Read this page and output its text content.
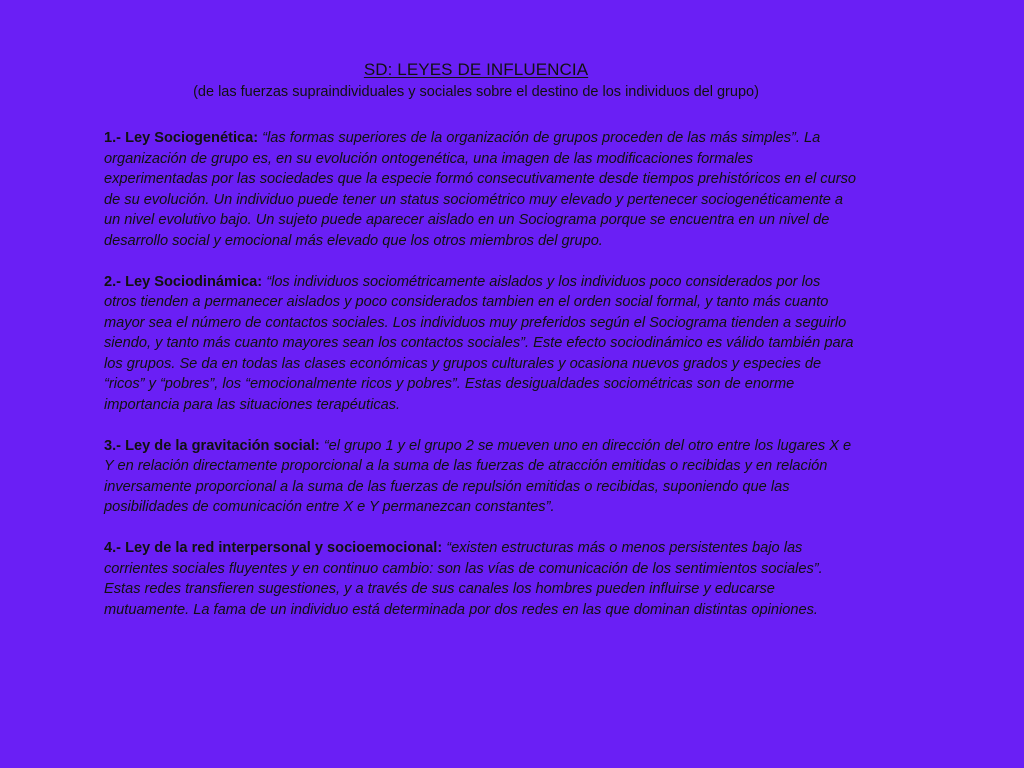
SD: LEYES DE INFLUENCIA

(de las fuerzas supraindividuales y sociales sobre el destino de los individuos del grupo)

1.- Ley Sociogenética: “las formas superiores de la organización de grupos proceden de las más simples”. La organización de grupo es, en su evolución ontogenética, una imagen de las modificaciones formales experimentadas por las sociedades que la especie formó consecutivamente desde tiempos prehistóricos en el curso de su evolución. Un individuo puede tener un status sociométrico muy elevado y pertenecer sociogenéticamente a un nivel evolutivo bajo. Un sujeto puede aparecer aislado en un Sociograma porque se encuentra en un nivel de desarrollo social y emocional más elevado que los otros miembros del grupo.
2.- Ley Sociodinámica: “los individuos sociométricamente aislados y los individuos poco considerados por los otros tienden a permanecer aislados y poco considerados tambien en el orden social formal, y tanto más cuanto mayor sea el número de contactos sociales. Los individuos muy preferidos según el Sociograma tienden a seguirlo siendo, y tanto más cuanto mayores sean los contactos sociales”. Este efecto sociodinámico es válido también para los grupos. Se da en todas las clases económicas y grupos culturales y ocasiona nuevos grados y especies de “ricos” y “pobres”, los “emocionalmente ricos y pobres”. Estas desigualdades sociométricas son de enorme importancia para las situaciones terapéuticas.
3.- Ley de la gravitación social: “el grupo 1 y el grupo 2 se mueven uno en dirección del otro entre los lugares X e Y en relación directamente proporcional a la suma de las fuerzas de atracción emitidas o recibidas y en relación inversamente proporcional a la suma de las fuerzas de repulsión emitidas o recibidas, suponiendo que las posibilidades de comunicación entre X e Y permanezcan constantes”.
4.- Ley de la red interpersonal y socioemocional: “existen estructuras más o menos persistentes bajo las corrientes sociales fluyentes y en continuo cambio: son las vías de comunicación de los sentimientos sociales”. Estas redes transfieren sugestiones, y a través de sus canales los hombres pueden influirse y educarse mutuamente. La fama de un individuo está determinada por dos redes en las que dominan distintas opiniones.
